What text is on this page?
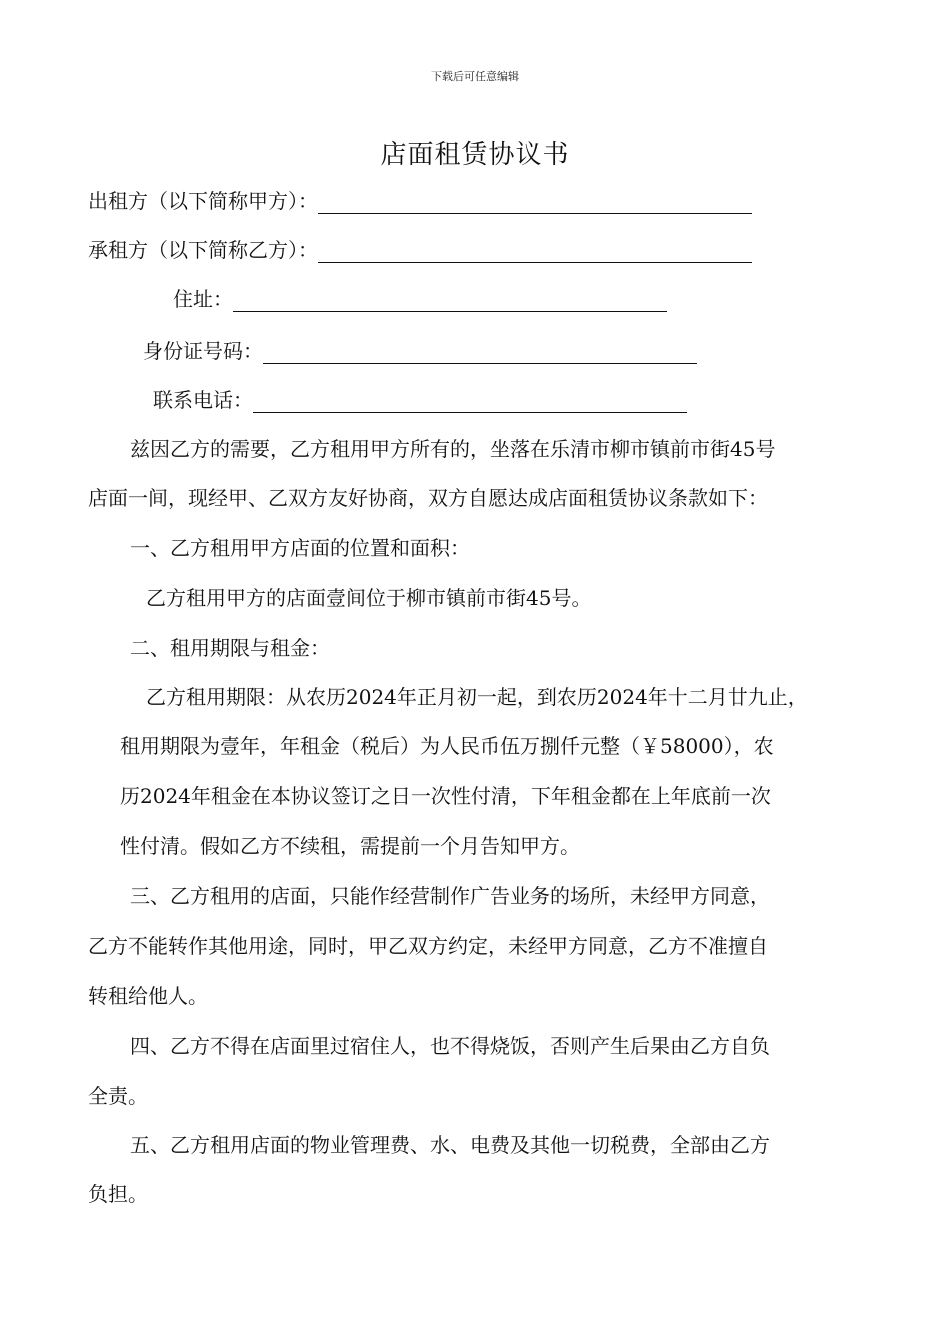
下载后可任意编辑
店面租赁协议书
出租方（以下简称甲方）：
承租方（以下简称乙方）：
住址：
身份证号码：
联系电话：
兹因乙方的需要，乙方租用甲方所有的，坐落在乐清市柳市镇前市街45号
店面一间，现经甲、乙双方友好协商，双方自愿达成店面租赁协议条款如下：
一、乙方租用甲方店面的位置和面积：
乙方租用甲方的店面壹间位于柳市镇前市街45号。
二、租用期限与租金：
乙方租用期限：从农历2024年正月初一起，到农历2024年十二月廿九止，
租用期限为壹年，年租金（税后）为人民币伍万捌仟元整（￥58000），农
历2024年租金在本协议签订之日一次性付清，下年租金都在上年底前一次
性付清。假如乙方不续租，需提前一个月告知甲方。
三、乙方租用的店面，只能作经营制作广告业务的场所，未经甲方同意，
乙方不能转作其他用途，同时，甲乙双方约定，未经甲方同意，乙方不准擅自
转租给他人。
四、乙方不得在店面里过宿住人，也不得烧饭，否则产生后果由乙方自负
全责。
五、乙方租用店面的物业管理费、水、电费及其他一切税费，全部由乙方
负担。
